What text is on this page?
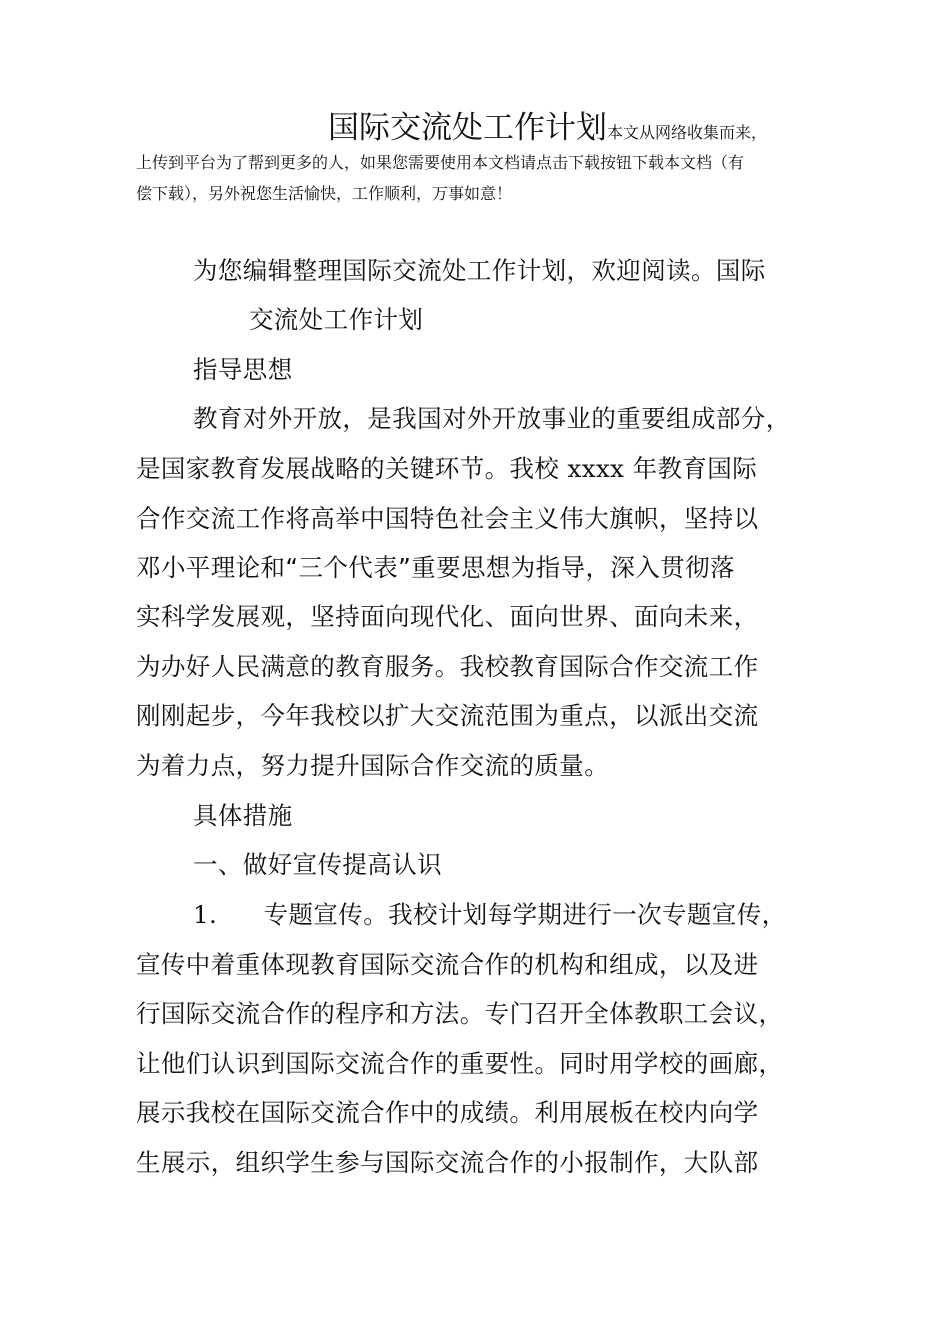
国际交流处工作计划本文从网络收集而来，

上传到平台为了帮到更多的人，如果您需要使用本文档请点击下载按钮下载本文档（有

偿下载），另外祝您生活愉快，工作顺利，万事如意！

为您编辑整理国际交流处工作计划，欢迎阅读。国际

交流处工作计划

指导思想

教育对外开放，是我国对外开放事业的重要组成部分，

是国家教育发展战略的关键环节。我校 xxxx 年教育国际

合作交流工作将高举中国特色社会主义伟大旗帜，坚持以

邓小平理论和“三个代表”重要思想为指导，深入贯彻落

实科学发展观，坚持面向现代化、面向世界、面向未来，

为办好人民满意的教育服务。我校教育国际合作交流工作

刚刚起步，今年我校以扩大交流范围为重点，以派出交流

为着力点，努力提升国际合作交流的质量。

具体措施

一、做好宣传提高认识

1. 专题宣传。我校计划每学期进行一次专题宣传，

宣传中着重体现教育国际交流合作的机构和组成，以及进

行国际交流合作的程序和方法。专门召开全体教职工会议，

让他们认识到国际交流合作的重要性。同时用学校的画廊，

展示我校在国际交流合作中的成绩。利用展板在校内向学

生展示，组织学生参与国际交流合作的小报制作，大队部
